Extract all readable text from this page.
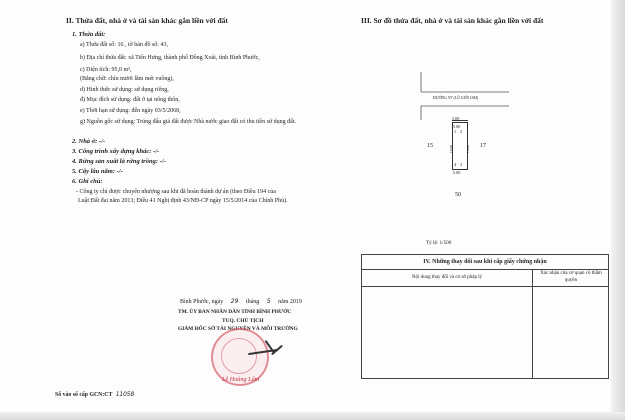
II. Thửa đất, nhà ở và tài sản khác gắn liền với đất
1. Thửa đất:
a) Thửa đất số: 16 , tờ bản đồ số: 43,
b) Địa chỉ thửa đất: xã Tiến Hưng, thành phố Đồng Xoài, tỉnh Bình Phước,
c) Diện tích: 95,0 m²,
(Bằng chữ: chín mươi lăm mét vuông),
d) Hình thức sử dụng: sử dụng riêng,
đ) Mục đích sử dụng: đất ở tại nông thôn,
e) Thời hạn sử dụng: đến ngày 03/5/2068,
g) Nguồn gốc sử dụng: Trúng đấu giá đất được Nhà nước giao đất có thu tiền sử dụng đất.
2. Nhà ở: -/-
3. Công trình xây dựng khác: -/-
4. Rừng sản xuất là rừng trồng: -/-
5. Cây lâu năm: -/-
6. Ghi chú:
- Công ty chỉ được chuyển nhượng sau khi đã hoàn thành dự án (theo Điều 194 của
Luật Đất đai năm 2013; Điều 41 Nghị định 43/NĐ-CP ngày 15/5/2014 của Chính Phủ).
III. Sơ đồ thửa đất, nhà ở và tài sản khác gắn liền với đất
ĐƯỜNG N7 (LỘ GIỚI 16M)
5.00
5.00
5.00
19.00	19.00
1 2
3
4
15	17
50
Tỷ lệ: 1/500
IV. Những thay đổi sau khi cấp giấy chứng nhận
Nội dung thay đổi và cơ sở pháp lý
Xác nhận của cơ quan có thẩm quyền
Bình Phước, ngày 29 tháng 5 năm 2019
TM. ỦY BAN NHÂN DÂN TỈNH BÌNH PHƯỚC
TUQ. CHỦ TỊCH
GIÁM ĐỐC SỞ TÀI NGUYÊN VÀ MÔI TRƯỜNG
Lê Hoàng Lâm
Số vào sổ cấp GCN:CT 11058
